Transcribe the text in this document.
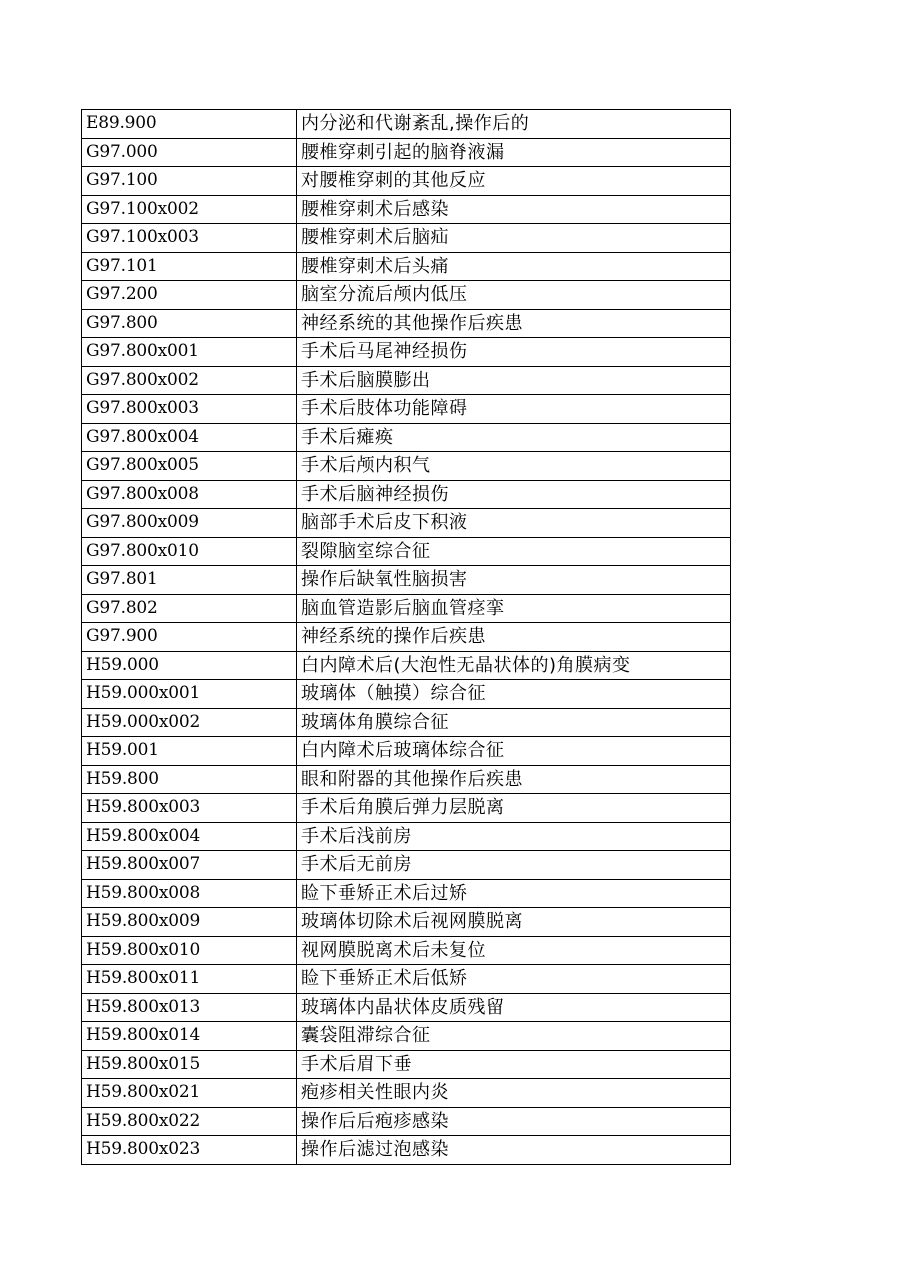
E89.900	内分泌和代谢紊乱,操作后的
G97.000	腰椎穿刺引起的脑脊液漏
G97.100	对腰椎穿刺的其他反应
G97.100x002	腰椎穿刺术后感染
G97.100x003	腰椎穿刺术后脑疝
G97.101	腰椎穿刺术后头痛
G97.200	脑室分流后颅内低压
G97.800	神经系统的其他操作后疾患
G97.800x001	手术后马尾神经损伤
G97.800x002	手术后脑膜膨出
G97.800x003	手术后肢体功能障碍
G97.800x004	手术后瘫痪
G97.800x005	手术后颅内积气
G97.800x008	手术后脑神经损伤
G97.800x009	脑部手术后皮下积液
G97.800x010	裂隙脑室综合征
G97.801	操作后缺氧性脑损害
G97.802	脑血管造影后脑血管痉挛
G97.900	神经系统的操作后疾患
H59.000	白内障术后(大泡性无晶状体的)角膜病变
H59.000x001	玻璃体（触摸）综合征
H59.000x002	玻璃体角膜综合征
H59.001	白内障术后玻璃体综合征
H59.800	眼和附器的其他操作后疾患
H59.800x003	手术后角膜后弹力层脱离
H59.800x004	手术后浅前房
H59.800x007	手术后无前房
H59.800x008	睑下垂矫正术后过矫
H59.800x009	玻璃体切除术后视网膜脱离
H59.800x010	视网膜脱离术后未复位
H59.800x011	睑下垂矫正术后低矫
H59.800x013	玻璃体内晶状体皮质残留
H59.800x014	囊袋阻滞综合征
H59.800x015	手术后眉下垂
H59.800x021	疱疹相关性眼内炎
H59.800x022	操作后后疱疹感染
H59.800x023	操作后滤过泡感染
